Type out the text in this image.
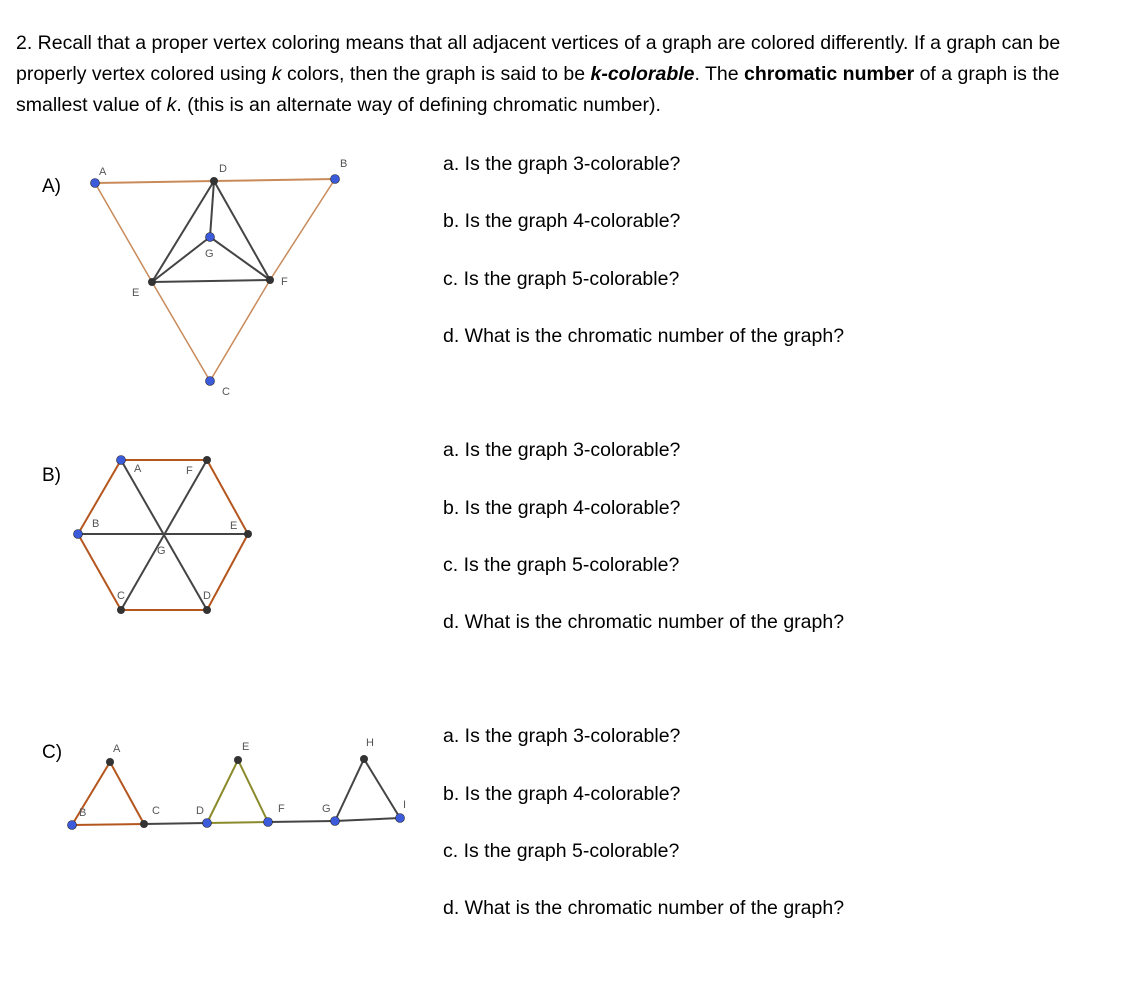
2. Recall that a proper vertex coloring means that all adjacent vertices of a graph are colored differently. If a graph can be properly vertex colored using k colors, then the graph is said to be k-colorable. The chromatic number of a graph is the smallest value of k. (this is an alternate way of defining chromatic number).
A)
A
B
C
D
E
F
G
a. Is the graph 3-colorable?
b. Is the graph 4-colorable?
c. Is the graph 5-colorable?
d. What is the chromatic number of the graph?
B)	A
B
C	D
E
F
G
a. Is the graph 3-colorable?
b. Is the graph 4-colorable?
c. Is the graph 5-colorable?
d. What is the chromatic number of the graph?
C)	A
B	C	D
E
F	G
H
I
a. Is the graph 3-colorable?
b. Is the graph 4-colorable?
c. Is the graph 5-colorable?
d. What is the chromatic number of the graph?
